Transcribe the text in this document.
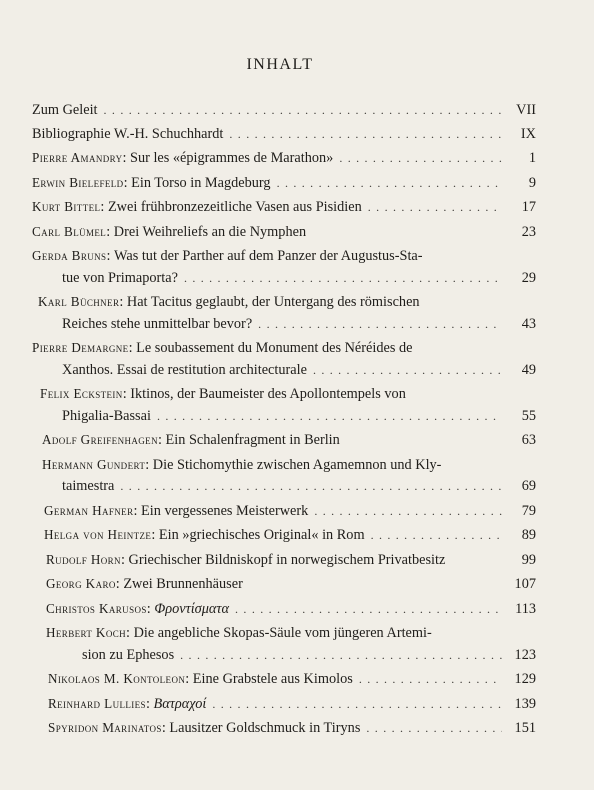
INHALT
Zum Geleit . . .	VII
Bibliographie W.-H. Schuchhardt . . .	IX
Pierre Amandry : Sur les «épigrammes de Marathon» . . .	1
Erwin Bielefeld : Ein Torso in Magdeburg . . .	9
Kurt Bittel : Zwei frühbronzezeitliche Vasen aus Pisidien . . .	17
Carl Blümel : Drei Weihreliefs an die Nymphen	23
Gerda Bruns : Was tut der Parther auf dem Panzer der Augustus-Sta-
tue von Primaporta? . . .	29
Karl Büchner : Hat Tacitus geglaubt, der Untergang des römischen
Reiches stehe unmittelbar bevor? . . .	43
Pierre Demargne : Le soubassement du Monument des Néréides de
Xanthos. Essai de restitution architecturale . . .	49
Felix Eckstein : Iktinos, der Baumeister des Apollontempels von
Phigalia-Bassai . . .	55
Adolf Greifenhagen : Ein Schalenfragment in Berlin	63
Hermann Gundert : Die Stichomythie zwischen Agamemnon und Kly-
taimestra . . .	69
German Hafner : Ein vergessenes Meisterwerk . . .	79
Helga von Heintze : Ein »griechisches Original« in Rom . . .	89
Rudolf Horn : Griechischer Bildniskopf in norwegischem Privatbesitz	99
Georg Karo : Zwei Brunnenhäuser	107
Christos Karusos : Φροντίσματα . . .	113
Herbert Koch : Die angebliche Skopas-Säule vom jüngeren Artemi-
sion zu Ephesos . . .	123
Nikolaos M. Kontoleon : Eine Grabstele aus Kimolos . . .	129
Reinhard Lullies : Βατραχοί . . .	139
Spyridon Marinatos : Lausitzer Goldschmuck in Tiryns . . .	151
